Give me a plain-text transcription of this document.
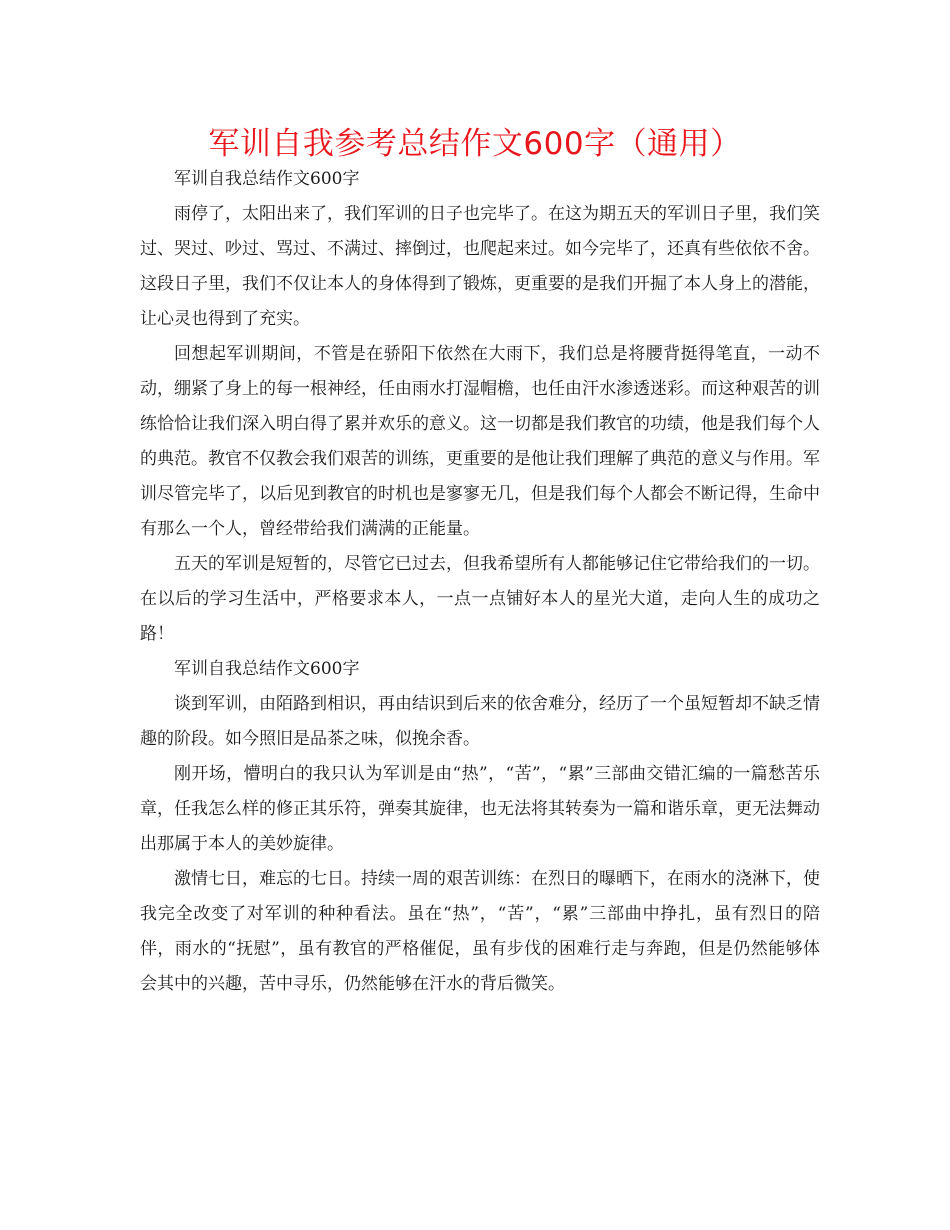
军训自我参考总结作文600字（通用）

军训自我总结作文600字

雨停了，太阳出来了，我们军训的日子也完毕了。在这为期五天的军训日子里，我们笑过、哭过、吵过、骂过、不满过、摔倒过，也爬起来过。如今完毕了，还真有些依依不舍。这段日子里，我们不仅让本人的身体得到了锻炼，更重要的是我们开掘了本人身上的潜能，让心灵也得到了充实。

回想起军训期间，不管是在骄阳下依然在大雨下，我们总是将腰背挺得笔直，一动不动，绷紧了身上的每一根神经，任由雨水打湿帽檐，也任由汗水渗透迷彩。而这种艰苦的训练恰恰让我们深入明白得了累并欢乐的意义。这一切都是我们教官的功绩，他是我们每个人的典范。教官不仅教会我们艰苦的训练，更重要的是他让我们理解了典范的意义与作用。军训尽管完毕了，以后见到教官的时机也是寥寥无几，但是我们每个人都会不断记得，生命中有那么一个人，曾经带给我们满满的正能量。

五天的军训是短暂的，尽管它已过去，但我希望所有人都能够记住它带给我们的一切。在以后的学习生活中，严格要求本人，一点一点铺好本人的星光大道，走向人生的成功之路！

军训自我总结作文600字

谈到军训，由陌路到相识，再由结识到后来的依舍难分，经历了一个虽短暂却不缺乏情趣的阶段。如今照旧是品茶之味，似挽余香。

刚开场，懵明白的我只认为军训是由“热”，“苦”，“累”三部曲交错汇编的一篇愁苦乐章，任我怎么样的修正其乐符，弹奏其旋律，也无法将其转奏为一篇和谐乐章，更无法舞动出那属于本人的美妙旋律。

激情七日，难忘的七日。持续一周的艰苦训练：在烈日的曝晒下，在雨水的浇淋下，使我完全改变了对军训的种种看法。虽在“热”，“苦”，“累”三部曲中挣扎，虽有烈日的陪伴，雨水的“抚慰”，虽有教官的严格催促，虽有步伐的困难行走与奔跑，但是仍然能够体会其中的兴趣，苦中寻乐，仍然能够在汗水的背后微笑。
